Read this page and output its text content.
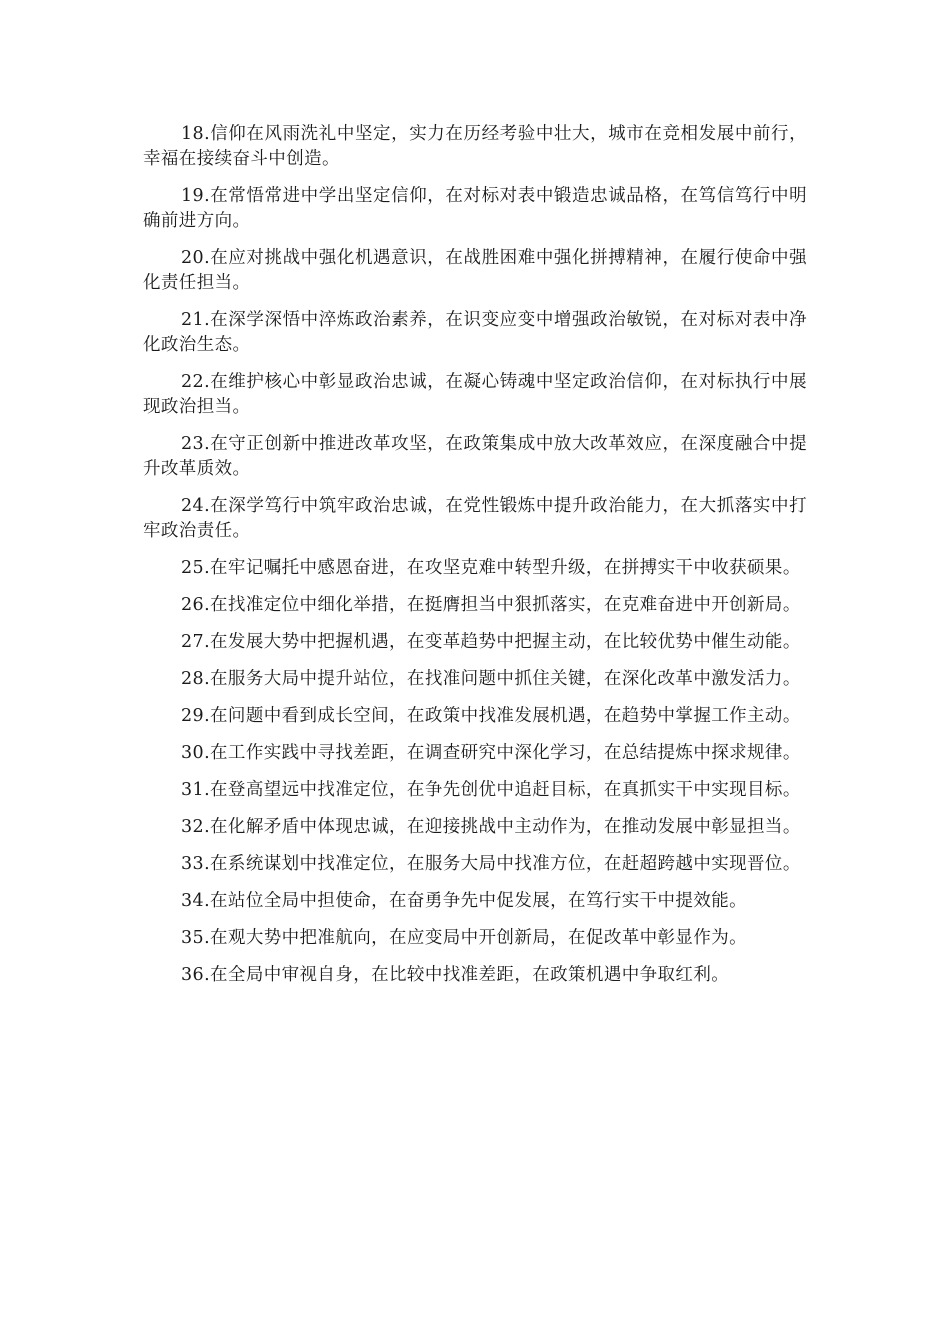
18.信仰在风雨洗礼中坚定，实力在历经考验中壮大，城市在竞相发展中前行，幸福在接续奋斗中创造。

19.在常悟常进中学出坚定信仰，在对标对表中锻造忠诚品格，在笃信笃行中明确前进方向。

20.在应对挑战中强化机遇意识，在战胜困难中强化拼搏精神，在履行使命中强化责任担当。

21.在深学深悟中淬炼政治素养，在识变应变中增强政治敏锐，在对标对表中净化政治生态。

22.在维护核心中彰显政治忠诚，在凝心铸魂中坚定政治信仰，在对标执行中展现政治担当。

23.在守正创新中推进改革攻坚，在政策集成中放大改革效应，在深度融合中提升改革质效。

24.在深学笃行中筑牢政治忠诚，在党性锻炼中提升政治能力，在大抓落实中打牢政治责任。

25.在牢记嘱托中感恩奋进，在攻坚克难中转型升级，在拼搏实干中收获硕果。

26.在找准定位中细化举措，在挺膺担当中狠抓落实，在克难奋进中开创新局。

27.在发展大势中把握机遇，在变革趋势中把握主动，在比较优势中催生动能。

28.在服务大局中提升站位，在找准问题中抓住关键，在深化改革中激发活力。

29.在问题中看到成长空间，在政策中找准发展机遇，在趋势中掌握工作主动。

30.在工作实践中寻找差距，在调查研究中深化学习，在总结提炼中探求规律。

31.在登高望远中找准定位，在争先创优中追赶目标，在真抓实干中实现目标。

32.在化解矛盾中体现忠诚，在迎接挑战中主动作为，在推动发展中彰显担当。

33.在系统谋划中找准定位，在服务大局中找准方位，在赶超跨越中实现晋位。

34.在站位全局中担使命，在奋勇争先中促发展，在笃行实干中提效能。

35.在观大势中把准航向，在应变局中开创新局，在促改革中彰显作为。

36.在全局中审视自身，在比较中找准差距，在政策机遇中争取红利。
